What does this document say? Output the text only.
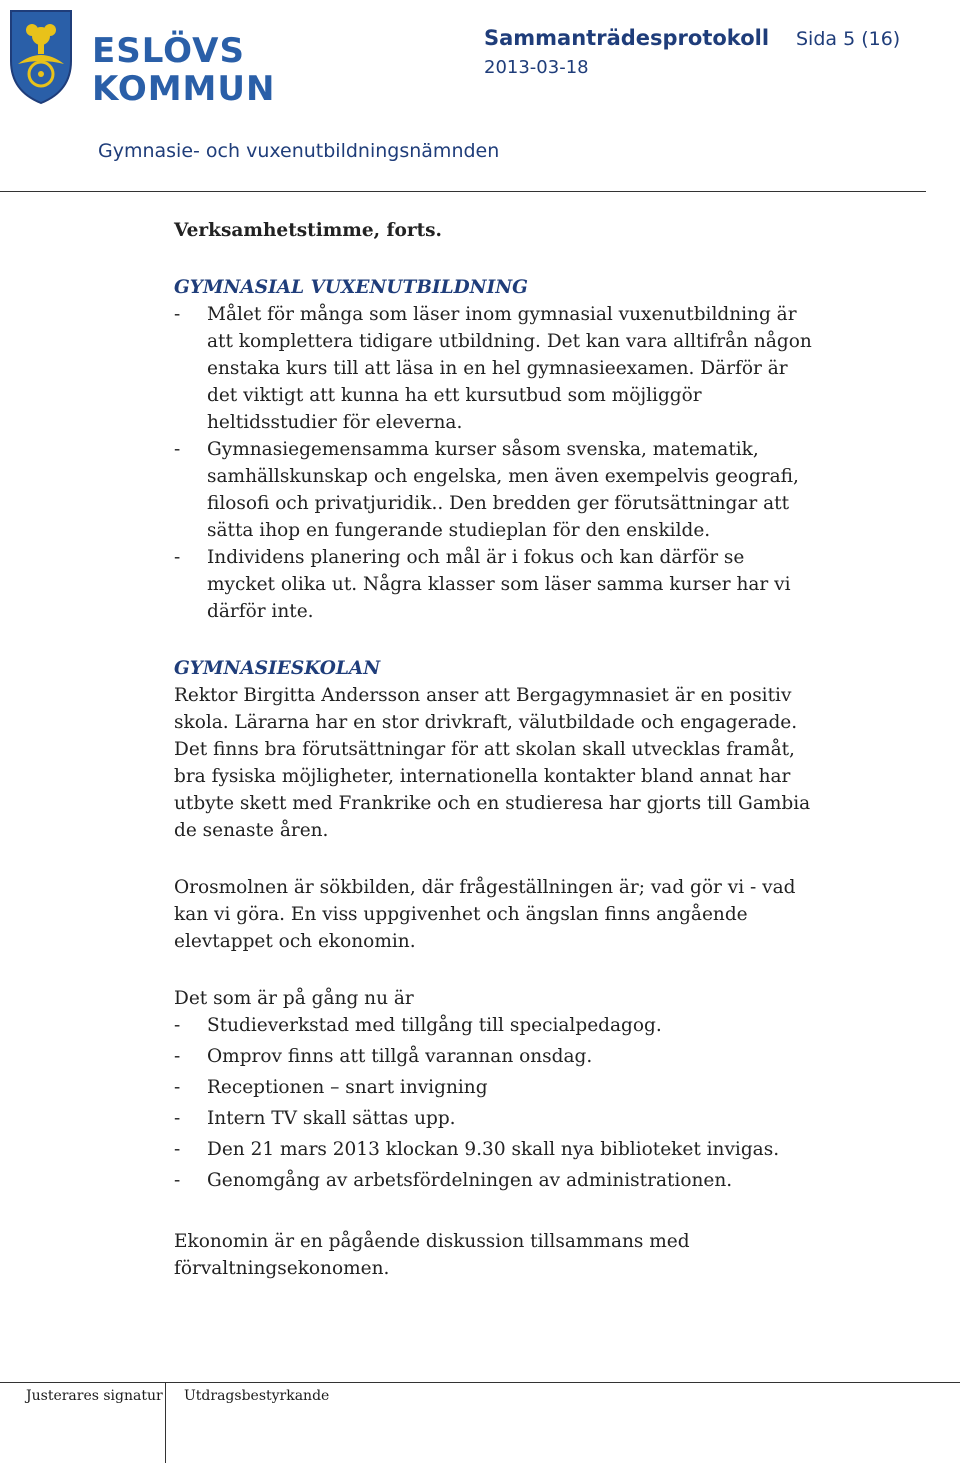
ESLÖVS
KOMMUN
Sammanträdesprotokoll Sida 5 (16)
2013-03-18
Gymnasie- och vuxenutbildningsnämnden
Verksamhetstimme, forts.
GYMNASIAL VUXENUTBILDNING
- Målet för många som läser inom gymnasial vuxenutbildning är att komplettera tidigare utbildning. Det kan vara alltifrån någon enstaka kurs till att läsa in en hel gymnasieexamen. Därför är det viktigt att kunna ha ett kursutbud som möjliggör heltidsstudier för eleverna.
- Gymnasiegemensamma kurser såsom svenska, matematik, samhällskunskap och engelska, men även exempelvis geografi, filosofi och privatjuridik.. Den bredden ger förutsättningar att sätta ihop en fungerande studieplan för den enskilde.
- Individens planering och mål är i fokus och kan därför se mycket olika ut. Några klasser som läser samma kurser har vi därför inte.
GYMNASIESKOLAN

Rektor Birgitta Andersson anser att Bergagymnasiet är en positiv skola. Lärarna har en stor drivkraft, välutbildade och engagerade.

Det finns bra förutsättningar för att skolan skall utvecklas framåt, bra fysiska möjligheter, internationella kontakter bland annat har utbyte skett med Frankrike och en studieresa har gjorts till Gambia de senaste åren.

Orosmolnen är sökbilden, där frågeställningen är; vad gör vi - vad kan vi göra. En viss uppgivenhet och ängslan finns angående elevtappet och ekonomin.

Det som är på gång nu är

- Studieverkstad med tillgång till specialpedagog.
- Omprov finns att tillgå varannan onsdag.
- Receptionen – snart invigning
- Intern TV skall sättas upp.
- Den 21 mars 2013 klockan 9.30 skall nya biblioteket invigas.
- Genomgång av arbetsfördelningen av administrationen.

Ekonomin är en pågående diskussion tillsammans med förvaltningsekonomen.

Justerares signatur Utdragsbestyrkande
